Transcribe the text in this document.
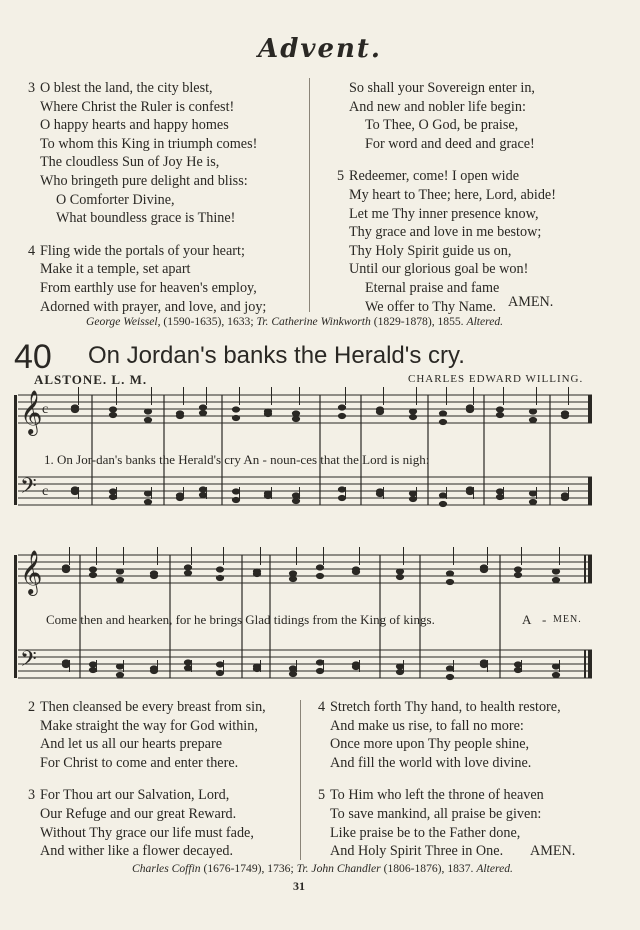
Advent.
3 O blest the land, the city blest,
Where Christ the Ruler is confest!
O happy hearts and happy homes
To whom this King in triumph comes!
The cloudless Sun of Joy He is,
Who bringeth pure delight and bliss:
O Comforter Divine,
What boundless grace is Thine!
4 Fling wide the portals of your heart;
Make it a temple, set apart
From earthly use for heaven's employ,
Adorned with prayer, and love, and joy;
So shall your Sovereign enter in,
And new and nobler life begin:
To Thee, O God, be praise,
For word and deed and grace!
5 Redeemer, come! I open wide
My heart to Thee; here, Lord, abide!
Let me Thy inner presence know,
Thy grace and love in me bestow;
Thy Holy Spirit guide us on,
Until our glorious goal be won!
Eternal praise and fame
We offer to Thy Name. AMEN.
George Weissel, (1590-1635), 1633; Tr. Catherine Winkworth (1829-1878), 1855. Altered.
40 On Jordan's banks the Herald's cry.
ALSTONE. L. M.	CHARLES EDWARD WILLING.
𝄞
𝄢
c
c
1. On Jor-dan's banks the Herald's cry An - noun-ces that the Lord is nigh:
𝄞
𝄢
Come then and hearken, for he brings Glad tidings from the King of kings.	A - MEN.
2 Then cleansed be every breast from sin,
Make straight the way for God within,
And let us all our hearts prepare
For Christ to come and enter there.
3 For Thou art our Salvation, Lord,
Our Refuge and our great Reward.
Without Thy grace our life must fade,
And wither like a flower decayed.
4 Stretch forth Thy hand, to health restore,
And make us rise, to fall no more:
Once more upon Thy people shine,
And fill the world with love divine.
5 To Him who left the throne of heaven
To save mankind, all praise be given:
Like praise be to the Father done,
And Holy Spirit Three in One.	AMEN.
Charles Coffin (1676-1749), 1736; Tr. John Chandler (1806-1876), 1837. Altered.
31
